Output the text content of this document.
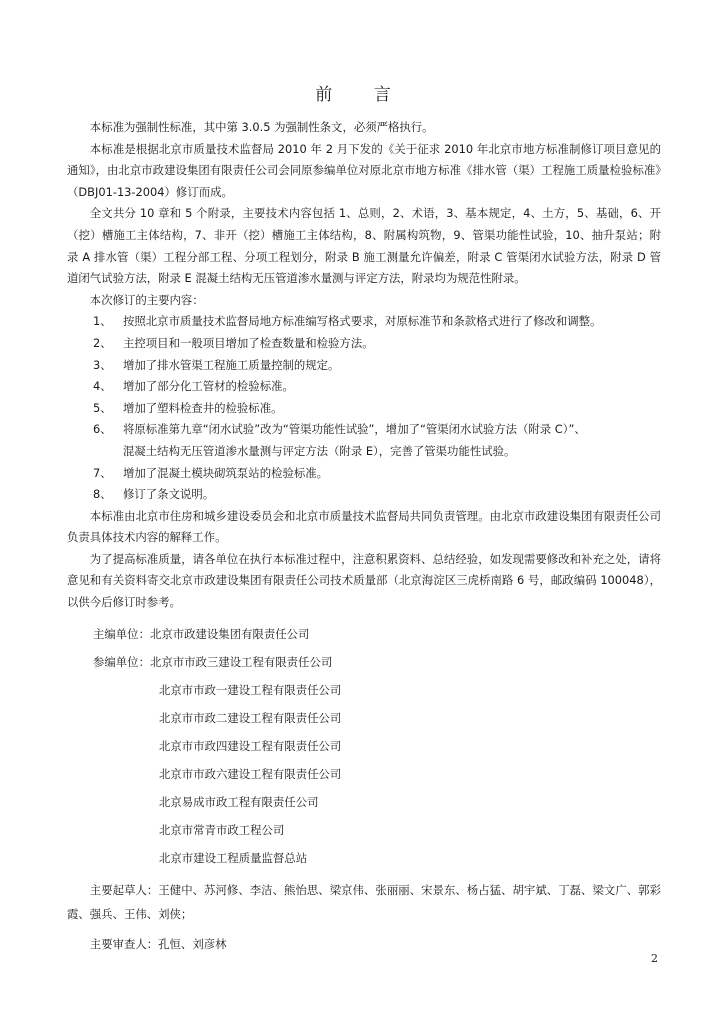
前 言

本标准为强制性标准，其中第 3.0.5 为强制性条文，必须严格执行。

本标准是根据北京市质量技术监督局 2010 年 2 月下发的《关于征求 2010 年北京市地方标准制修订项目意见的通知》，由北京市政建设集团有限责任公司会同原参编单位对原北京市地方标准《排水管（渠）工程施工质量检验标准》（DBJ01-13-2004）修订而成。

全文共分 10 章和 5 个附录，主要技术内容包括 1、总则，2、术语，3、基本规定，4、土方，5、基础，6、开（挖）槽施工主体结构，7、非开（挖）槽施工主体结构，8、附属构筑物，9、管渠功能性试验，10、抽升泵站；附录 A 排水管（渠）工程分部工程、分项工程划分，附录 B 施工测量允许偏差，附录 C 管渠闭水试验方法，附录 D 管道闭气试验方法，附录 E 混凝土结构无压管道渗水量测与评定方法，附录均为规范性附录。

本次修订的主要内容：

1、 按照北京市质量技术监督局地方标准编写格式要求，对原标准节和条款格式进行了修改和调整。

2、 主控项目和一般项目增加了检查数量和检验方法。

3、 增加了排水管渠工程施工质量控制的规定。

4、 增加了部分化工管材的检验标准。

5、 增加了塑料检查井的检验标准。

6、 将原标准第九章“闭水试验”改为“管渠功能性试验”，增加了“管渠闭水试验方法（附录 C）”、

混凝土结构无压管道渗水量测与评定方法（附录 E），完善了管渠功能性试验。

7、 增加了混凝土模块砌筑泵站的检验标准。

8、 修订了条文说明。

本标准由北京市住房和城乡建设委员会和北京市质量技术监督局共同负责管理。由北京市政建设集团有限责任公司负责具体技术内容的解释工作。

为了提高标准质量，请各单位在执行本标准过程中，注意积累资料、总结经验，如发现需要修改和补充之处，请将意见和有关资料寄交北京市政建设集团有限责任公司技术质量部（北京海淀区三虎桥南路 6 号，邮政编码 100048），以供今后修订时参考。

主编单位：北京市政建设集团有限责任公司

参编单位：北京市市政三建设工程有限责任公司

北京市市政一建设工程有限责任公司

北京市市政二建设工程有限责任公司

北京市市政四建设工程有限责任公司

北京市市政六建设工程有限责任公司

北京易成市政工程有限责任公司

北京市常青市政工程公司

北京市建设工程质量监督总站

主要起草人：王健中、苏河修、李洁、熊怡思、梁京伟、张丽丽、宋景东、杨占猛、胡宇斌、丁磊、梁文广、郭彩霞、强兵、王伟、刘侠；

主要审查人：孔恒、刘彦林

2
